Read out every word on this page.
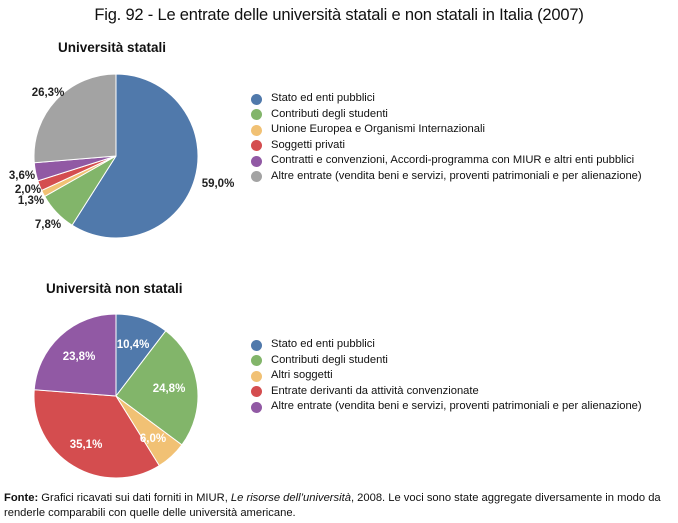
Fig. 92 - Le entrate delle università statali e non statali in Italia (2007)
Università statali
Università non statali
59,0%
7,8%
1,3%
2,0%
3,6%
26,3%
10,4%
24,8%
6,0%
35,1%
23,8%
Stato ed enti pubblici
Contributi degli studenti
Unione Europea e Organismi Internazionali
Soggetti privati
Contratti e convenzioni, Accordi-programma con MIUR e altri enti pubblici
Altre entrate (vendita beni e servizi, proventi patrimoniali e per alienazione)
Stato ed enti pubblici
Contributi degli studenti
Altri soggetti
Entrate derivanti da attività convenzionate
Altre entrate (vendita beni e servizi, proventi patrimoniali e per alienazione)
Fonte: Grafici ricavati sui dati forniti in MIUR, Le risorse dell’università, 2008. Le voci sono state aggregate diversamente in modo da renderle comparabili con quelle delle università americane.
